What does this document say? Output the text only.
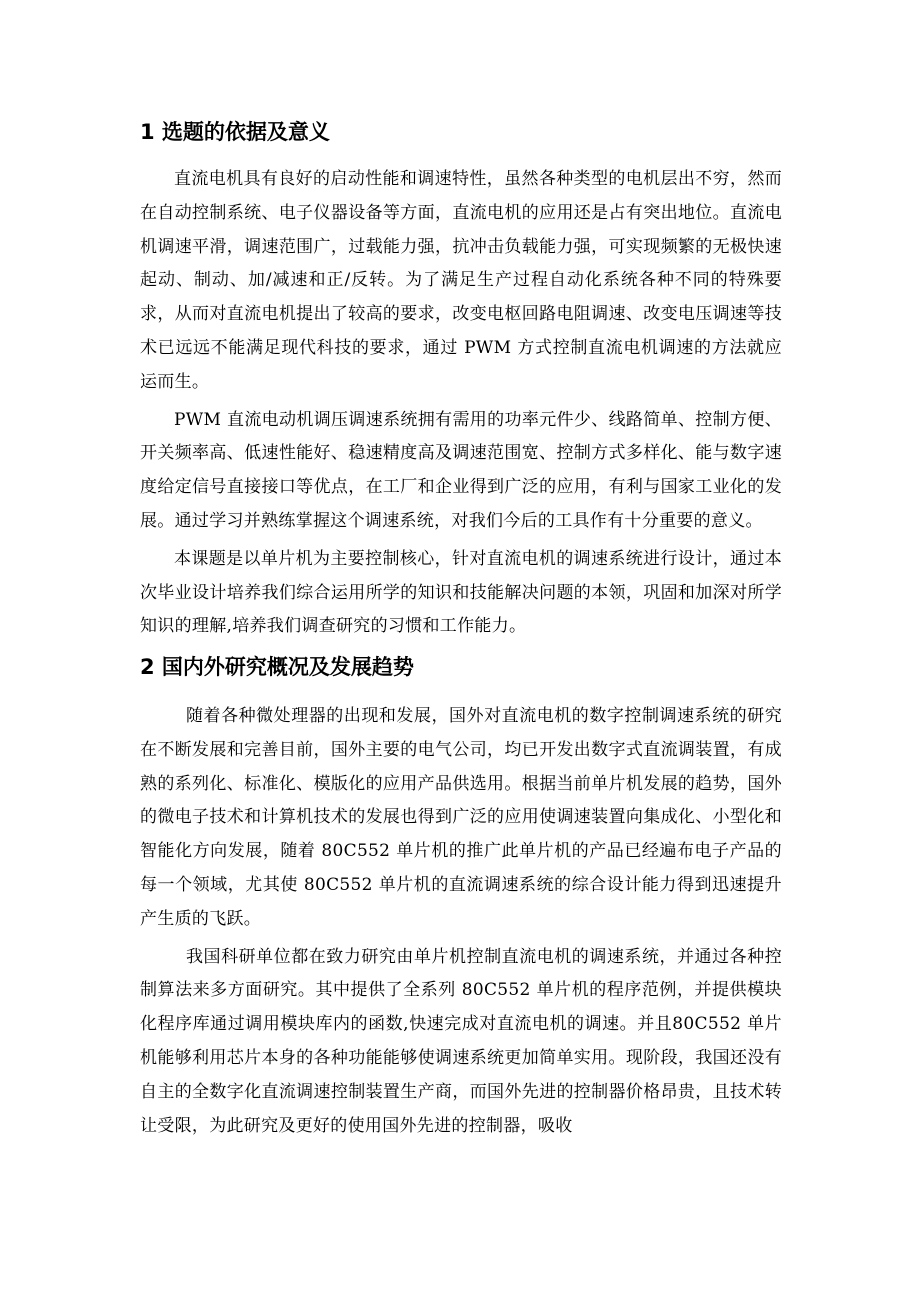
1 选题的依据及意义

直流电机具有良好的启动性能和调速特性，虽然各种类型的电机层出不穷，然而在自动控制系统、电子仪器设备等方面，直流电机的应用还是占有突出地位。直流电机调速平滑，调速范围广，过载能力强，抗冲击负载能力强，可实现频繁的无极快速起动、制动、加/减速和正/反转。为了满足生产过程自动化系统各种不同的特殊要求，从而对直流电机提出了较高的要求，改变电枢回路电阻调速、改变电压调速等技术已远远不能满足现代科技的要求，通过 PWM 方式控制直流电机调速的方法就应运而生。

PWM 直流电动机调压调速系统拥有需用的功率元件少、线路简单、控制方便、开关频率高、低速性能好、稳速精度高及调速范围宽、控制方式多样化、能与数字速度给定信号直接接口等优点，在工厂和企业得到广泛的应用，有利与国家工业化的发展。通过学习并熟练掌握这个调速系统，对我们今后的工具作有十分重要的意义。

本课题是以单片机为主要控制核心，针对直流电机的调速系统进行设计，通过本次毕业设计培养我们综合运用所学的知识和技能解决问题的本领，巩固和加深对所学知识的理解,培养我们调查研究的习惯和工作能力。

2 国内外研究概况及发展趋势

随着各种微处理器的出现和发展，国外对直流电机的数字控制调速系统的研究在不断发展和完善目前，国外主要的电气公司，均已开发出数字式直流调装置，有成熟的系列化、标准化、模版化的应用产品供选用。根据当前单片机发展的趋势，国外的微电子技术和计算机技术的发展也得到广泛的应用使调速装置向集成化、小型化和智能化方向发展，随着 80C552 单片机的推广此单片机的产品已经遍布电子产品的每一个领域，尤其使 80C552 单片机的直流调速系统的综合设计能力得到迅速提升产生质的飞跃。

我国科研单位都在致力研究由单片机控制直流电机的调速系统，并通过各种控制算法来多方面研究。其中提供了全系列 80C552 单片机的程序范例，并提供模块化程序库通过调用模块库内的函数,快速完成对直流电机的调速。并且80C552 单片机能够利用芯片本身的各种功能能够使调速系统更加简单实用。现阶段，我国还没有自主的全数字化直流调速控制装置生产商，而国外先进的控制器价格昂贵，且技术转让受限，为此研究及更好的使用国外先进的控制器，吸收
